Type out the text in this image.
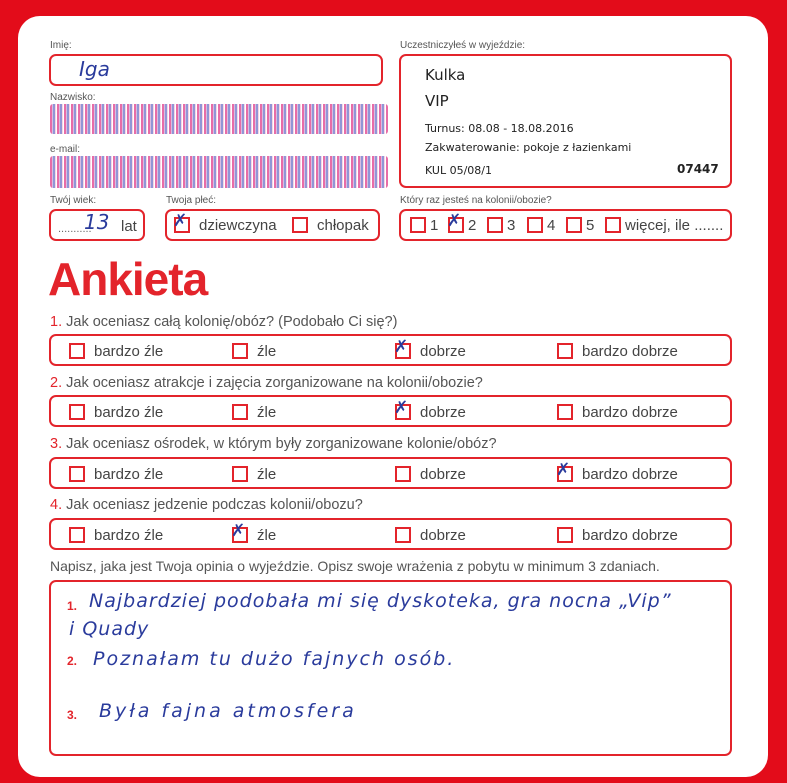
Imię:
Iga
Nazwisko:
e-mail:
Twój wiek:
...........
13 lat
Twoja płeć:
✗ dziewczyna	chłopak
Uczestniczyłeś w wyjeździe:
Kulka
VIP
Turnus: 08.08 - 18.08.2016
Zakwaterowanie: pokoje z łazienkami
KUL 05/08/1	07447
Który raz jesteś na kolonii/obozie?
1 ✗ 2 3 4 5 więcej, ile .......
Ankieta
1. Jak oceniasz całą kolonię/obóz? (Podobało Ci się?)
bardzo źle	źle	✗ dobrze	bardzo dobrze
2. Jak oceniasz atrakcje i zajęcia zorganizowane na kolonii/obozie?
bardzo źle	źle	✗ dobrze	bardzo dobrze
3. Jak oceniasz ośrodek, w którym były zorganizowane kolonie/obóz?
bardzo źle	źle	dobrze	✗ bardzo dobrze
4. Jak oceniasz jedzenie podczas kolonii/obozu?
bardzo źle	✗ źle	dobrze	bardzo dobrze
Napisz, jaka jest Twoja opinia o wyjeździe. Opisz swoje wrażenia z pobytu w minimum 3 zdaniach.
1. Najbardziej podobała mi się dyskoteka, gra nocna „Vip”
i Quady
2. Poznałam tu dużo fajnych osób.
3. Była fajna atmosfera
